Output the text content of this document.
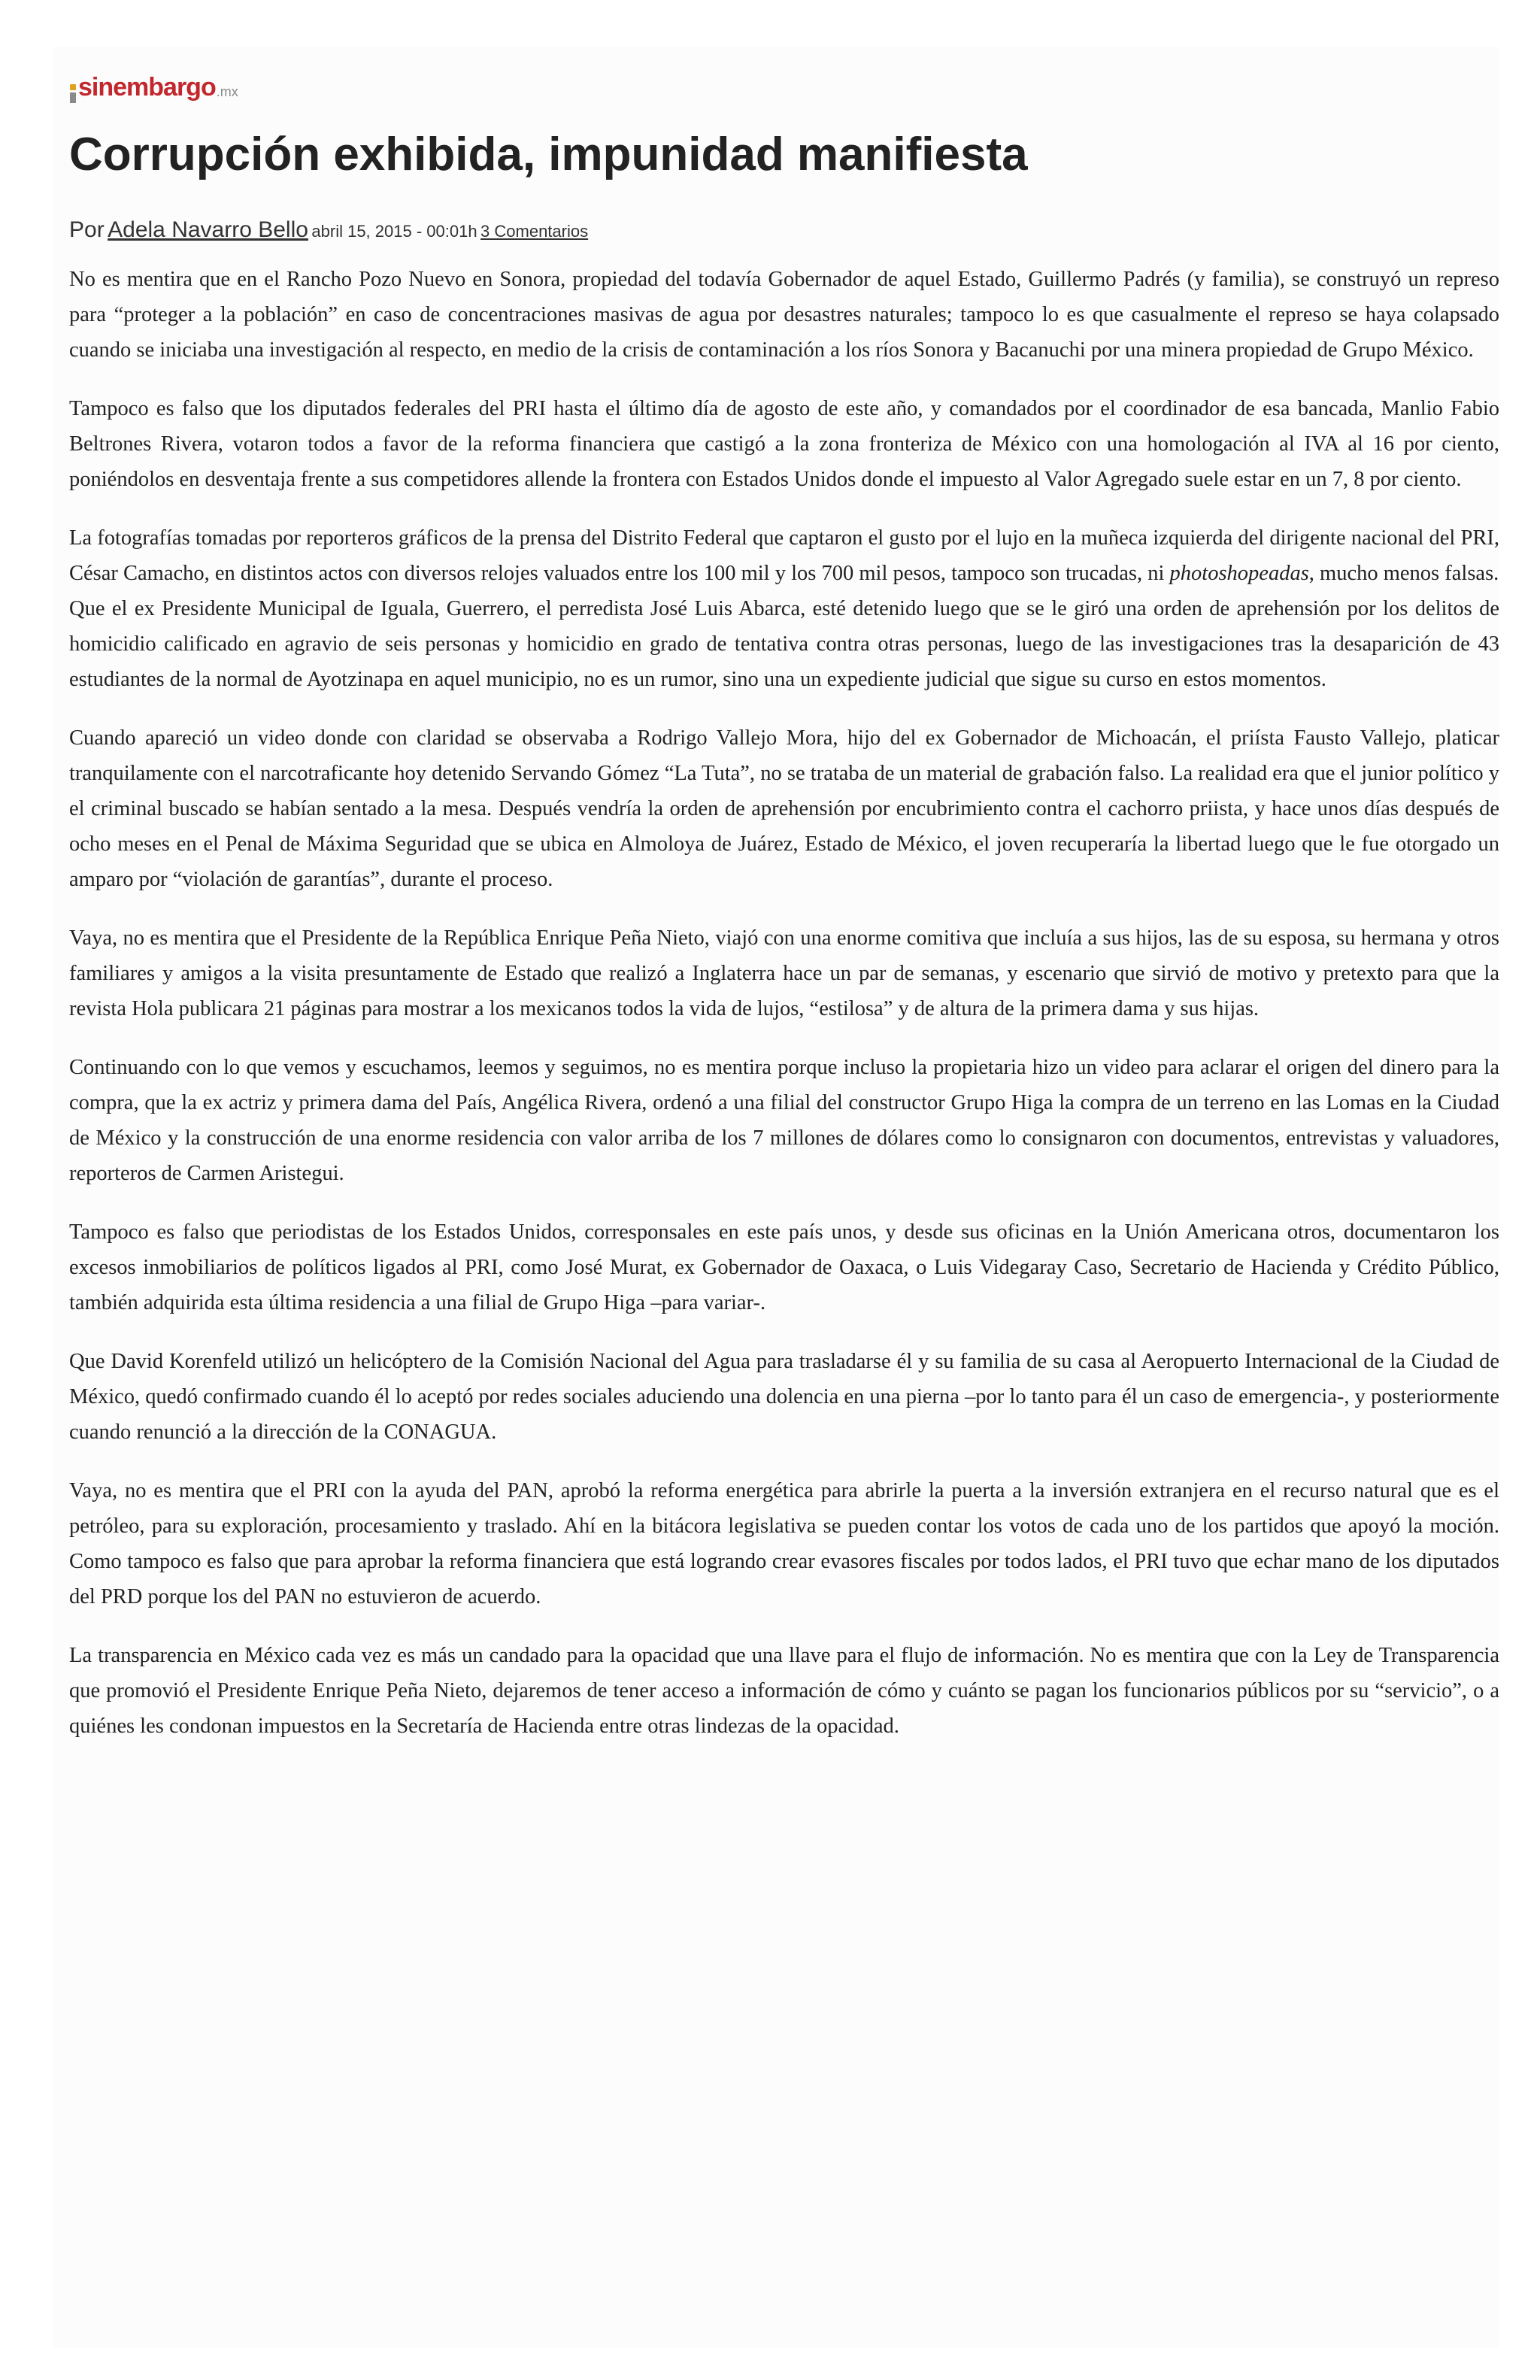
sinembargo .mx
Corrupción exhibida, impunidad manifiesta
Por Adela Navarro Bello abril 15, 2015 - 00:01h 3 Comentarios

No es mentira que en el Rancho Pozo Nuevo en Sonora, propiedad del todavía Gobernador de aquel Estado, Guillermo Padrés (y familia), se construyó un represo para “proteger a la población” en caso de concentraciones masivas de agua por desastres naturales; tampoco lo es que casualmente el represo se haya colapsado cuando se iniciaba una investigación al respecto, en medio de la crisis de contaminación a los ríos Sonora y Bacanuchi por una minera propiedad de Grupo México.

Tampoco es falso que los diputados federales del PRI hasta el último día de agosto de este año, y comandados por el coordinador de esa bancada, Manlio Fabio Beltrones Rivera, votaron todos a favor de la reforma financiera que castigó a la zona fronteriza de México con una homologación al IVA al 16 por ciento, poniéndolos en desventaja frente a sus competidores allende la frontera con Estados Unidos donde el impuesto al Valor Agregado suele estar en un 7, 8 por ciento.

La fotografías tomadas por reporteros gráficos de la prensa del Distrito Federal que captaron el gusto por el lujo en la muñeca izquierda del dirigente nacional del PRI, César Camacho, en distintos actos con diversos relojes valuados entre los 100 mil y los 700 mil pesos, tampoco son trucadas, ni photoshopeadas, mucho menos falsas.

Que el ex Presidente Municipal de Iguala, Guerrero, el perredista José Luis Abarca, esté detenido luego que se le giró una orden de aprehensión por los delitos de homicidio calificado en agravio de seis personas y homicidio en grado de tentativa contra otras personas, luego de las investigaciones tras la desaparición de 43 estudiantes de la normal de Ayotzinapa en aquel municipio, no es un rumor, sino una un expediente judicial que sigue su curso en estos momentos.

Cuando apareció un video donde con claridad se observaba a Rodrigo Vallejo Mora, hijo del ex Gobernador de Michoacán, el priísta Fausto Vallejo, platicar tranquilamente con el narcotraficante hoy detenido Servando Gómez “La Tuta”, no se trataba de un material de grabación falso. La realidad era que el junior político y el criminal buscado se habían sentado a la mesa. Después vendría la orden de aprehensión por encubrimiento contra el cachorro priista, y hace unos días después de ocho meses en el Penal de Máxima Seguridad que se ubica en Almoloya de Juárez, Estado de México, el joven recuperaría la libertad luego que le fue otorgado un amparo por “violación de garantías”, durante el proceso.

Vaya, no es mentira que el Presidente de la República Enrique Peña Nieto, viajó con una enorme comitiva que incluía a sus hijos, las de su esposa, su hermana y otros familiares y amigos a la visita presuntamente de Estado que realizó a Inglaterra hace un par de semanas, y escenario que sirvió de motivo y pretexto para que la revista Hola publicara 21 páginas para mostrar a los mexicanos todos la vida de lujos, “estilosa” y de altura de la primera dama y sus hijas.

Continuando con lo que vemos y escuchamos, leemos y seguimos, no es mentira porque incluso la propietaria hizo un video para aclarar el origen del dinero para la compra, que la ex actriz y primera dama del País, Angélica Rivera, ordenó a una filial del constructor Grupo Higa la compra de un terreno en las Lomas en la Ciudad de México y la construcción de una enorme residencia con valor arriba de los 7 millones de dólares como lo consignaron con documentos, entrevistas y valuadores, reporteros de Carmen Aristegui.

Tampoco es falso que periodistas de los Estados Unidos, corresponsales en este país unos, y desde sus oficinas en la Unión Americana otros, documentaron los excesos inmobiliarios de políticos ligados al PRI, como José Murat, ex Gobernador de Oaxaca, o Luis Videgaray Caso, Secretario de Hacienda y Crédito Público, también adquirida esta última residencia a una filial de Grupo Higa –para variar-.

Que David Korenfeld utilizó un helicóptero de la Comisión Nacional del Agua para trasladarse él y su familia de su casa al Aeropuerto Internacional de la Ciudad de México, quedó confirmado cuando él lo aceptó por redes sociales aduciendo una dolencia en una pierna –por lo tanto para él un caso de emergencia-, y posteriormente cuando renunció a la dirección de la CONAGUA.

Vaya, no es mentira que el PRI con la ayuda del PAN, aprobó la reforma energética para abrirle la puerta a la inversión extranjera en el recurso natural que es el petróleo, para su exploración, procesamiento y traslado. Ahí en la bitácora legislativa se pueden contar los votos de cada uno de los partidos que apoyó la moción. Como tampoco es falso que para aprobar la reforma financiera que está logrando crear evasores fiscales por todos lados, el PRI tuvo que echar mano de los diputados del PRD porque los del PAN no estuvieron de acuerdo.

La transparencia en México cada vez es más un candado para la opacidad que una llave para el flujo de información. No es mentira que con la Ley de Transparencia que promovió el Presidente Enrique Peña Nieto, dejaremos de tener acceso a información de cómo y cuánto se pagan los funcionarios públicos por su “servicio”, o a quiénes les condonan impuestos en la Secretaría de Hacienda entre otras lindezas de la opacidad.
